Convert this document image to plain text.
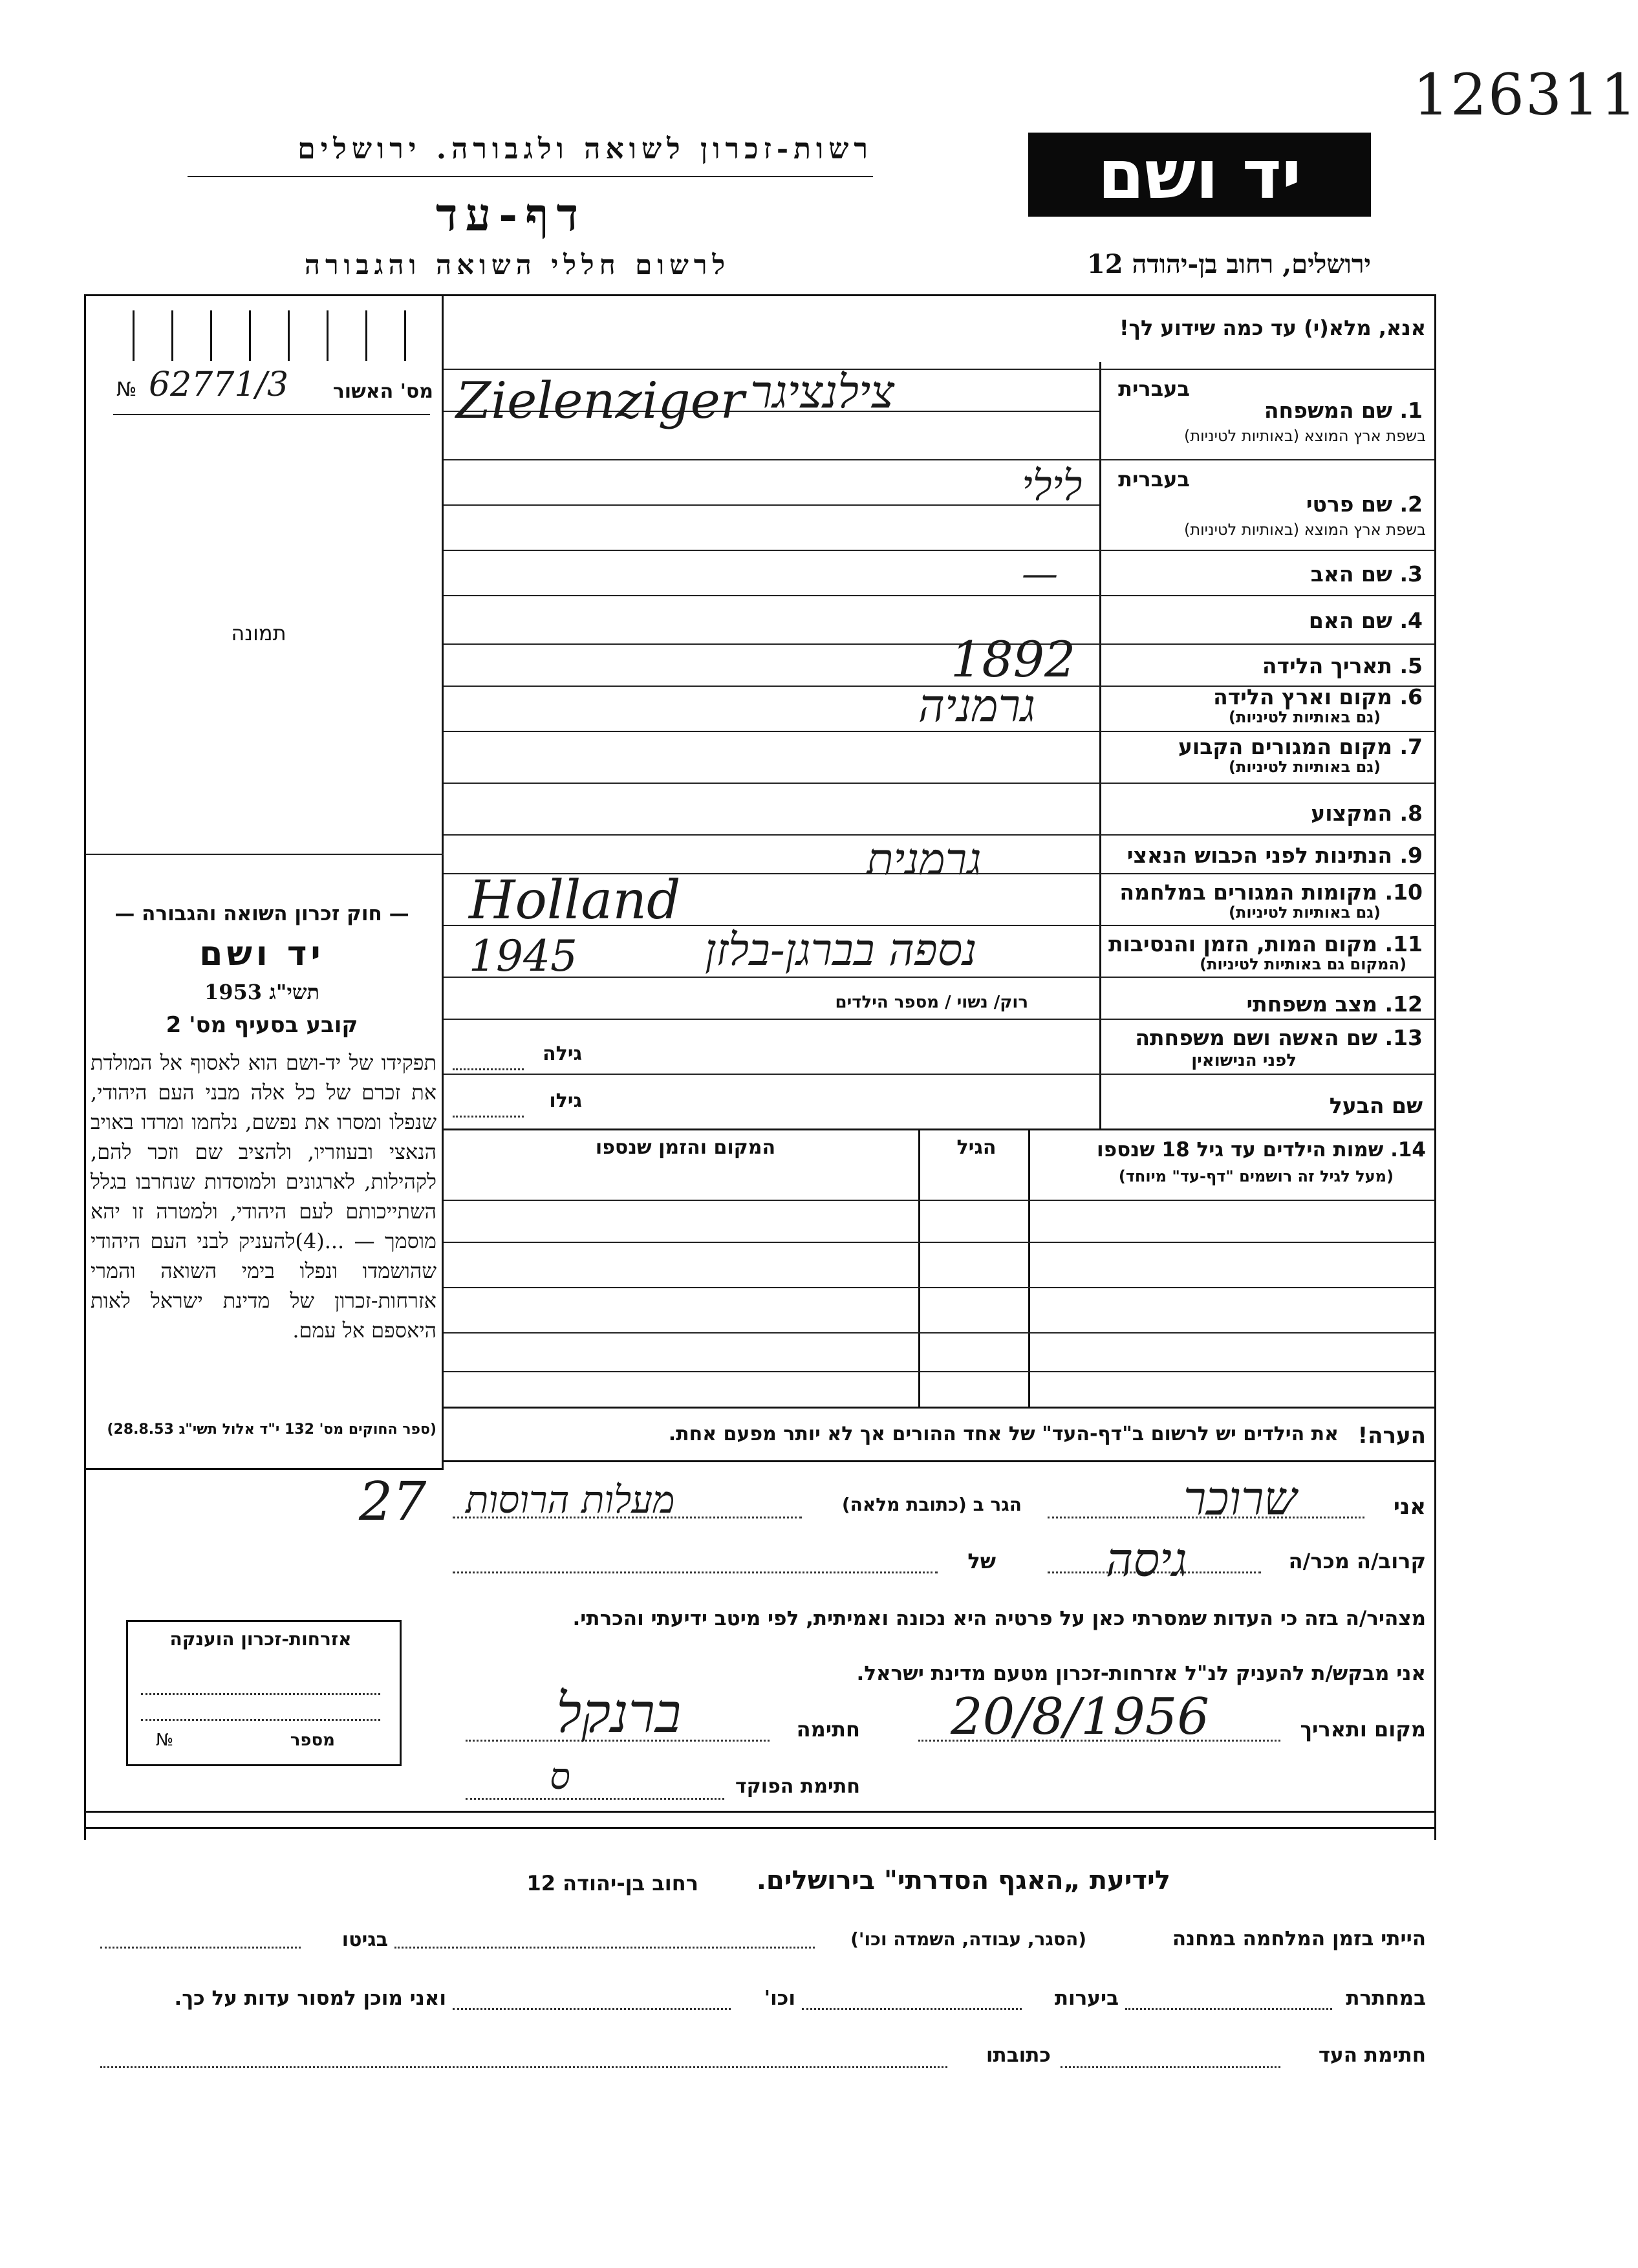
126311
רשות-זכרון לשואה ולגבורה. ירושלים
דף-עד
לרשום חללי השואה והגבורה
יד ושם
ירושלים, רחוב בן-יהודה 12
№ 62771/3	מס' האשור
תמונה
— חוק זכרון השואה והגבורה —
יד ושם
תשי"ג 1953
קובע בסעיף מס' 2
תפקידו של יד-ושם הוא לאסוף אל המולדת את זכרם של כל אלה מבני העם היהודי, שנפלו ומסרו את נפשם, נלחמו ומרדו באויב הנאצי ובעוזריו, ולהציב שם וזכר להם, לקהילות, לארגונים ולמוסדות שנחרבו בגלל השתייכותם לעם היהודי, ולמטרה זו יהא מוסמך — ...(4)להעניק לבני העם היהודי שהושמדו ונפלו בימי השואה והמרי אזרחות-זכרון של מדינת ישראל לאות היאספם אל עמם.
(ספר החוקים מס' 132 י"ד אלול תשי"ג 28.8.53)
אנא, מלא(י) עד כמה שידוע לך!
בעברית
1. שם המשפחה
בשפת ארץ המוצא (באותיות לטיניות)
Zielenziger צילנציגר
בעברית
2. שם פרטי
בשפת ארץ המוצא (באותיות לטיניות)
לילי
3. שם האב
—
4. שם האם
5. תאריך הלידה
1892
6. מקום וארץ הלידה
(גם באותיות לטיניות)
גרמניה
7. מקום המגורים הקבוע
(גם באותיות לטיניות)
8. המקצוע
9. הנתינות לפני הכבוש הנאצי
גרמנית
10. מקומות המגורים במלחמה
(גם באותיות לטיניות)
Holland
11. מקום המות, הזמן והנסיבות
(המקום גם באותיות לטיניות)
1945	נספה בברגן-בלזן
12. מצב משפחתי
רוק/ נשוי / מספר הילדים
13. שם האשה ושם משפחתה
לפני הנישואין
גילה
שם הבעל
גילו
14. שמות הילדים עד גיל 18 שנספו
(מעל לגיל זה רושמים "דף-עד" מיוחד)
הגיל
המקום והזמן שנספו
הערה!
את הילדים יש לרשום ב"דף-העד" של אחד ההורים אך לא יותר מפעם אחת.
אני
שרוכר
הגר ב (כתובת מלאה)
מעלות הרוסות
27
קרוב/ה מכר/ה
גיסה
של
מצהיר/ה בזה כי העדות שמסרתי כאן על פרטיה היא נכונה ואמיתית, לפי מיטב ידיעתי והכרתי.
אני מבקש/ת להעניק לנ"ל אזרחות-זכרון מטעם מדינת ישראל.
מקום ותאריך
20/8/1956
חתימה
ברנקל
חתימת הפוקד
ס
אזרחות-זכרון הוענקה
מספר
№
לידיעת „האגף הסדרתי" בירושלים.
רחוב בן-יהודה 12
הייתי בזמן המלחמה במחנה
(הסגר, עבודה, השמדה וכו')
בגיטו
במחתרת
ביערות
וכו'
ואני מוכן למסור עדות על כך.
חתימת העד
כתובתו
